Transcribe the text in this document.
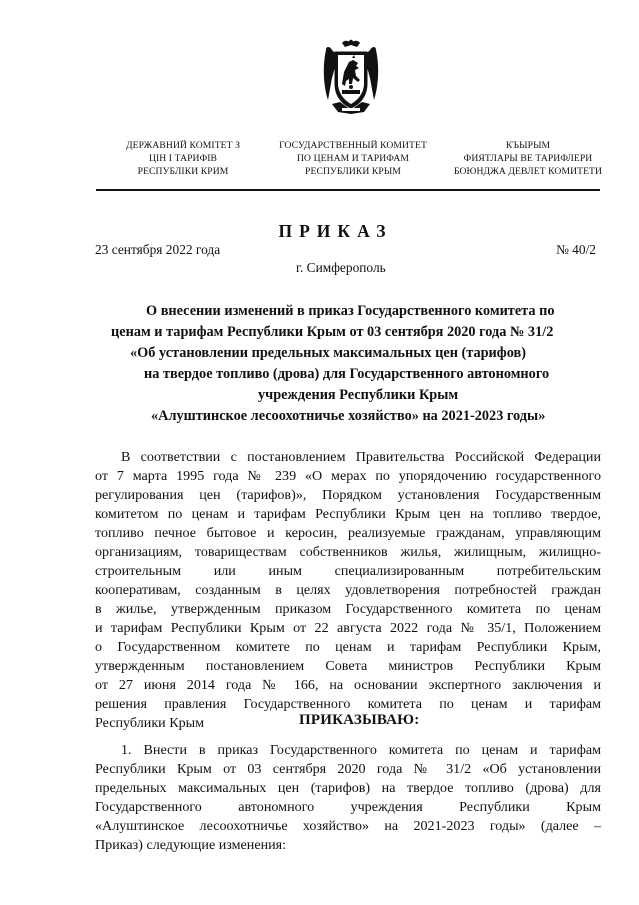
ДЕРЖАВНИЙ КОМІТЕТ З
ЦІН І ТАРИФІВ
РЕСПУБЛІКИ КРИМ
ГОСУДАРСТВЕННЫЙ КОМИТЕТ
ПО ЦЕНАМ И ТАРИФАМ
РЕСПУБЛИКИ КРЫМ
КЪЫРЫМ
ФИЯТЛАРЫ ВЕ ТАРИФЛЕРИ
БОЮНДЖА ДЕВЛЕТ КОМИТЕТИ
ПРИКАЗ
23 сентября 2022 года	№ 40/2
г. Симферополь
О внесении изменений в приказ Государственного комитета по
ценам и тарифам Республики Крым от 03 сентября 2020 года № 31/2
«Об установлении предельных максимальных цен (тарифов)
на твердое топливо (дрова) для Государственного автономного
учреждения Республики Крым
«Алуштинское лесоохотничье хозяйство» на 2021-2023 годы»
В соответствии с постановлением Правительства Российской Федерации
от 7 марта 1995 года № 239 «О мерах по упорядочению государственного
регулирования цен (тарифов)», Порядком установления Государственным
комитетом по ценам и тарифам Республики Крым цен на топливо твердое,
топливо печное бытовое и керосин, реализуемые гражданам, управляющим
организациям, товариществам собственников жилья, жилищным, жилищно-
строительным или иным специализированным потребительским
кооперативам, созданным в целях удовлетворения потребностей граждан
в жилье, утвержденным приказом Государственного комитета по ценам
и тарифам Республики Крым от 22 августа 2022 года № 35/1, Положением
о Государственном комитете по ценам и тарифам Республики Крым,
утвержденным постановлением Совета министров Республики Крым
от 27 июня 2014 года № 166, на основании экспертного заключения и
решения правления Государственного комитета по ценам и тарифам
Республики Крым	ПРИКАЗЫВАЮ:
1. Внести в приказ Государственного комитета по ценам и тарифам
Республики Крым от 03 сентября 2020 года № 31/2 «Об установлении
предельных максимальных цен (тарифов) на твердое топливо (дрова) для
Государственного автономного учреждения Республики Крым
«Алуштинское лесоохотничье хозяйство» на 2021-2023 годы» (далее –
Приказ) следующие изменения:
